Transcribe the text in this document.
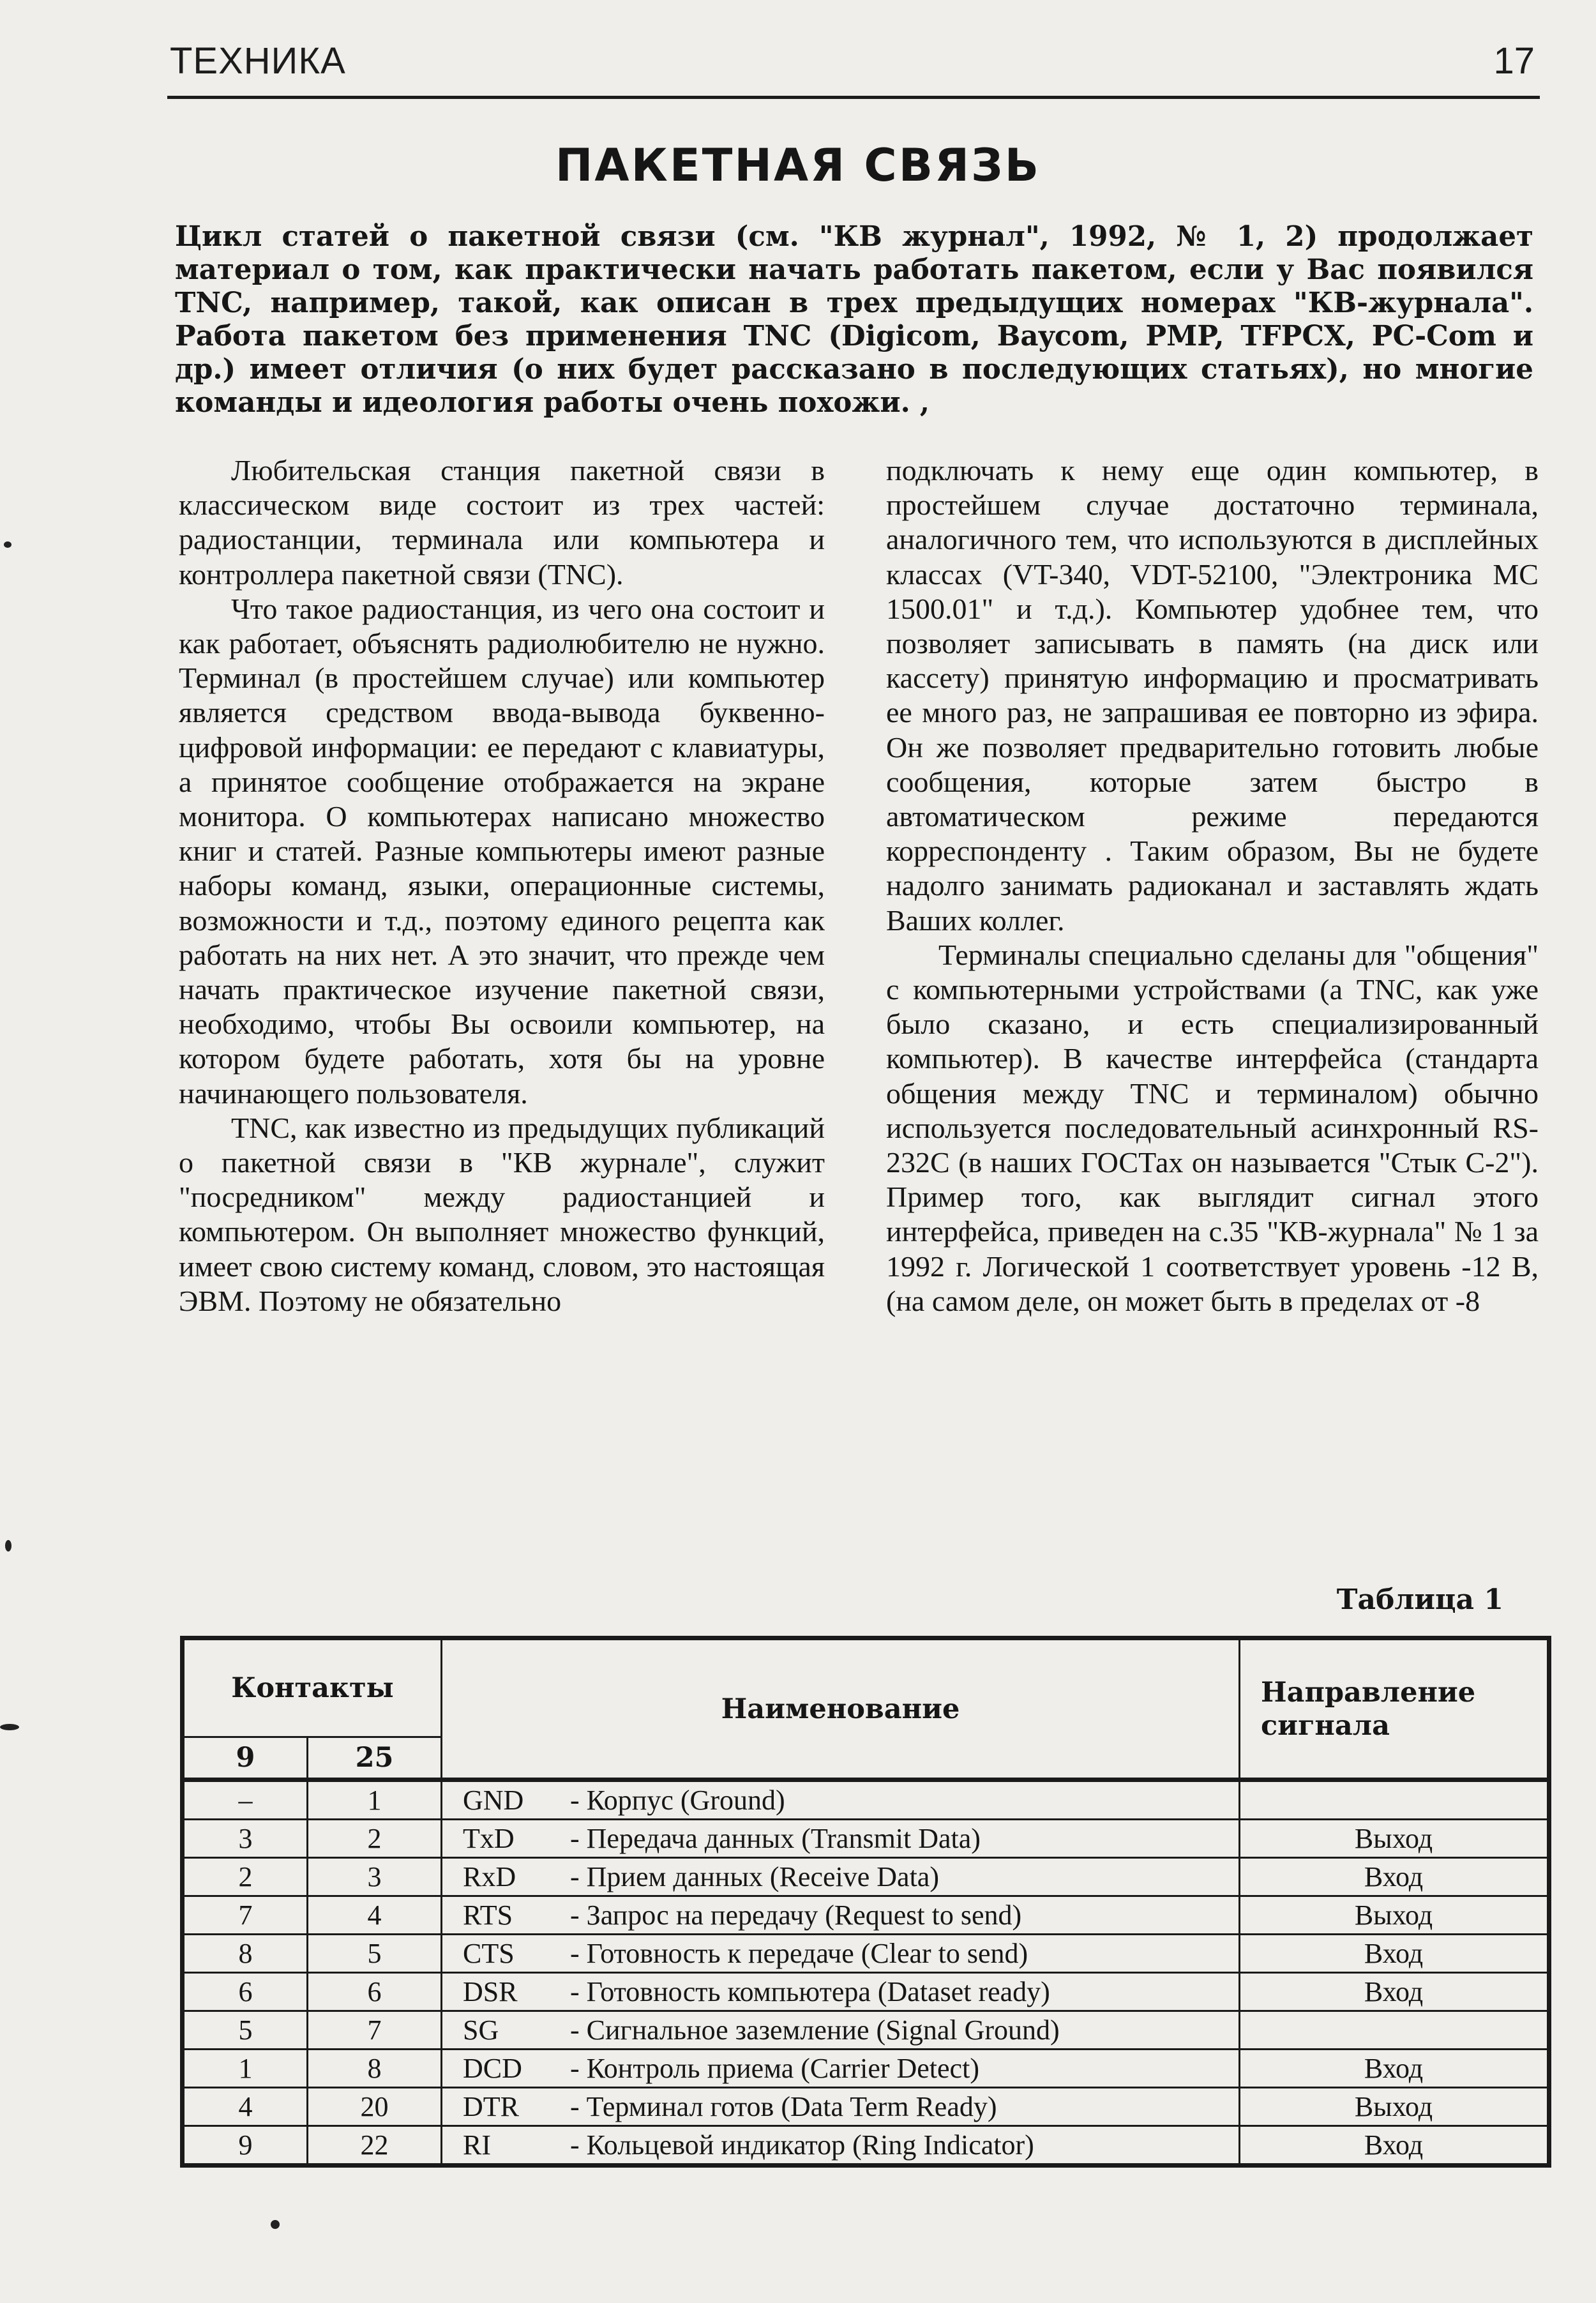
ТЕХНИКА	17
ПАКЕТНАЯ СВЯЗЬ

Цикл статей о пакетной связи (см. "КВ журнал", 1992, № 1, 2) продолжает материал о том, как практически начать работать пакетом, если у Вас появился TNC, например, такой, как описан в трех предыдущих номерах "КВ-журнала". Работа пакетом без применения TNC (Digicom, Baycom, PMP, TFPCX, PC-Com и др.) имеет отличия (о них будет рассказано в последующих статьях), но многие команды и идеология работы очень похожи. ,

Любительская станция пакетной связи в классическом виде состоит из трех частей: радиостанции, терминала или компьютера и контроллера пакетной связи (TNC).

Что такое радиостанция, из чего она состоит и как работает, объяснять радиолюбителю не нужно. Терминал (в простейшем случае) или компьютер является средством ввода-вывода буквенно-цифровой информации: ее передают с клавиатуры, а принятое сообщение отображается на экране монитора. О компьютерах написано множество книг и статей. Разные компьютеры имеют разные наборы команд, языки, операционные системы, возможности и т.д., поэтому единого рецепта как работать на них нет. А это значит, что прежде чем начать практическое изучение пакетной связи, необходимо, чтобы Вы освоили компьютер, на котором будете работать, хотя бы на уровне начинающего пользователя.

TNC, как известно из предыдущих публикаций о пакетной связи в "КВ журнале", служит "посредником" между радиостанцией и компьютером. Он выполняет множество функций, имеет свою систему команд, словом, это настоящая ЭВМ. Поэтому не обязательно

подключать к нему еще один компьютер, в простейшем случае достаточно терминала, аналогичного тем, что используются в дисплейных классах (VT-340, VDT-52100, "Электроника МС 1500.01" и т.д.). Компьютер удобнее тем, что позволяет записывать в память (на диск или кассету) принятую информацию и просматривать ее много раз, не запрашивая ее повторно из эфира. Он же позволяет предварительно готовить любые сообщения, которые затем быстро в автоматическом режиме передаются корреспонденту . Таким образом, Вы не будете надолго занимать радиоканал и заставлять ждать Ваших коллег.

Терминалы специально сделаны для "общения" с компьютерными устройствами (а TNC, как уже было сказано, и есть специализированный компьютер). В качестве интерфейса (стандарта общения между TNC и терминалом) обычно используется последовательный асинхронный RS-232C (в наших ГОСТах он называется "Стык С-2"). Пример того, как выглядит сигнал этого интерфейса, приведен на с.35 "КВ-журнала" № 1 за 1992 г. Логической 1 соответствует уровень -12 В, (на самом деле, он может быть в пределах от -8

Таблица 1
Контакты		Наименование	Направление сигнала
9	25		
–	1	GND - Корпус (Ground)	
3	2	TxD - Передача данных (Transmit Data)	Выход
2	3	RxD - Прием данных (Receive Data)	Вход
7	4	RTS - Запрос на передачу (Request to send)	Выход
8	5	CTS - Готовность к передаче (Clear to send)	Вход
6	6	DSR - Готовность компьютера (Dataset ready)	Вход
5	7	SG - Сигнальное заземление (Signal Ground)	
1	8	DCD - Контроль приема (Carrier Detect)	Вход
4	20	DTR - Терминал готов (Data Term Ready)	Выход
9	22	RI - Кольцевой индикатор (Ring Indicator)	Вход
